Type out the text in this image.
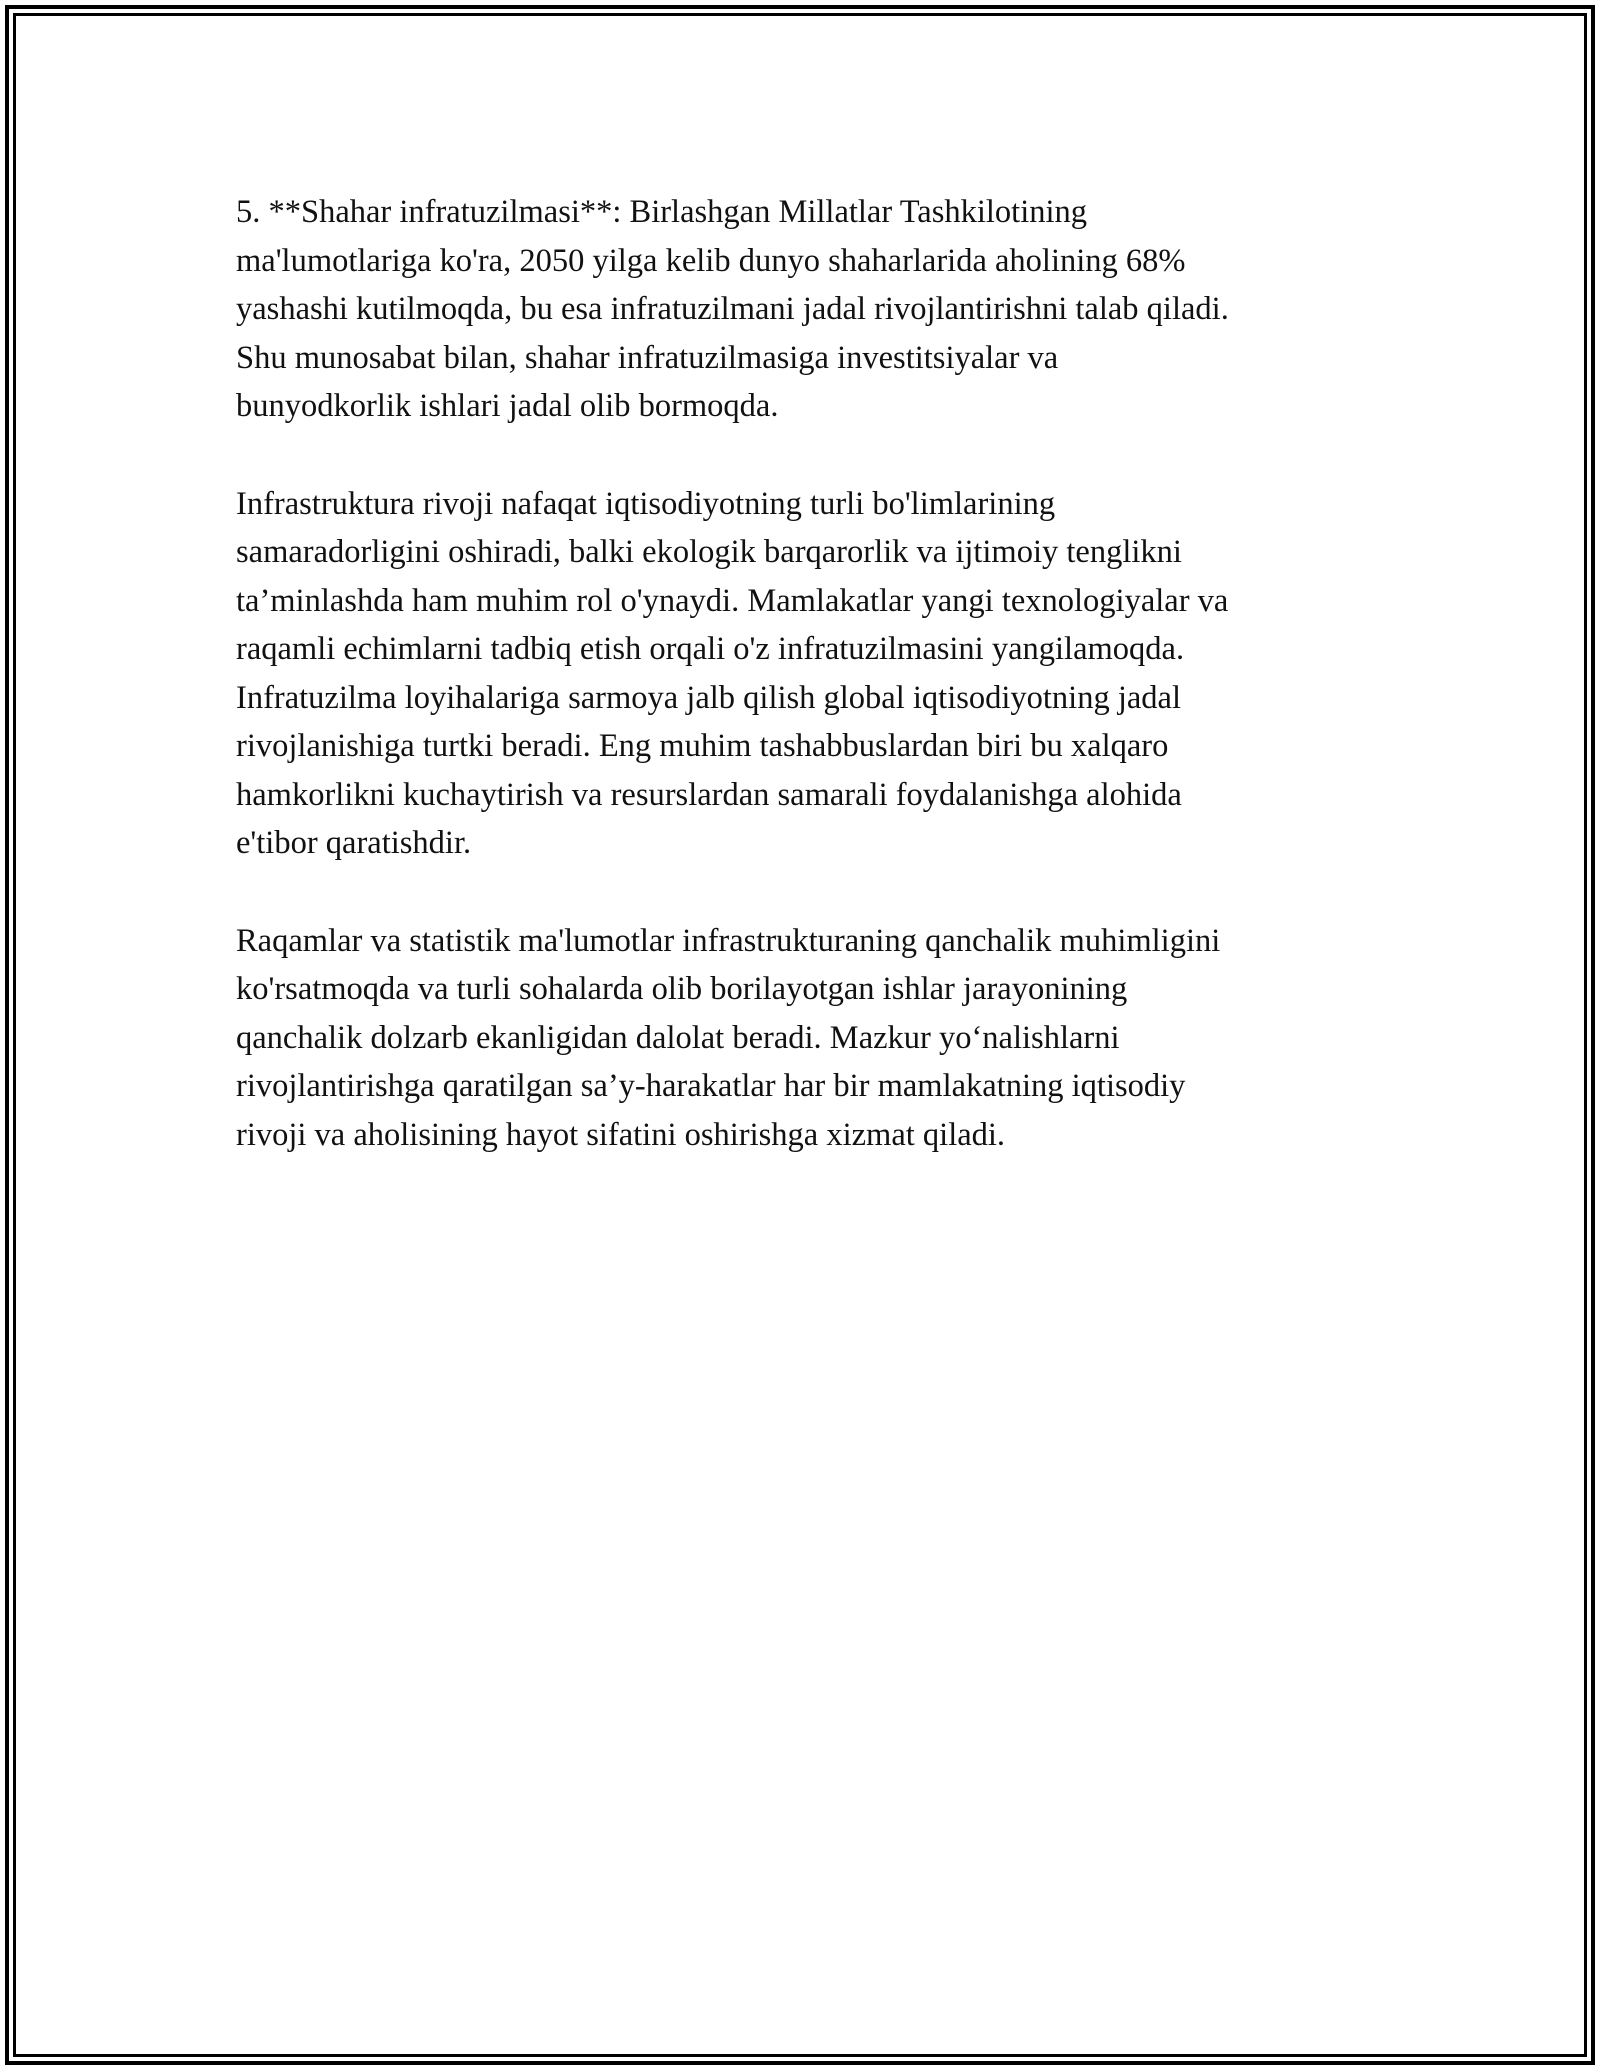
5. **Shahar infratuzilmasi**: Birlashgan Millatlar Tashkilotining
ma'lumotlariga ko'ra, 2050 yilga kelib dunyo shaharlarida aholining 68%
yashashi kutilmoqda, bu esa infratuzilmani jadal rivojlantirishni talab qiladi.
Shu munosabat bilan, shahar infratuzilmasiga investitsiyalar va
bunyodkorlik ishlari jadal olib bormoqda.

Infrastruktura rivoji nafaqat iqtisodiyotning turli bo'limlarining
samaradorligini oshiradi, balki ekologik barqarorlik va ijtimoiy tenglikni
ta’minlashda ham muhim rol o'ynaydi. Mamlakatlar yangi texnologiyalar va
raqamli echimlarni tadbiq etish orqali o'z infratuzilmasini yangilamoqda.
Infratuzilma loyihalariga sarmoya jalb qilish global iqtisodiyotning jadal
rivojlanishiga turtki beradi. Eng muhim tashabbuslardan biri bu xalqaro
hamkorlikni kuchaytirish va resurslardan samarali foydalanishga alohida
e'tibor qaratishdir.

Raqamlar va statistik ma'lumotlar infrastrukturaning qanchalik muhimligini
ko'rsatmoqda va turli sohalarda olib borilayotgan ishlar jarayonining
qanchalik dolzarb ekanligidan dalolat beradi. Mazkur yo‘nalishlarni
rivojlantirishga qaratilgan sa’y-harakatlar har bir mamlakatning iqtisodiy
rivoji va aholisining hayot sifatini oshirishga xizmat qiladi.
